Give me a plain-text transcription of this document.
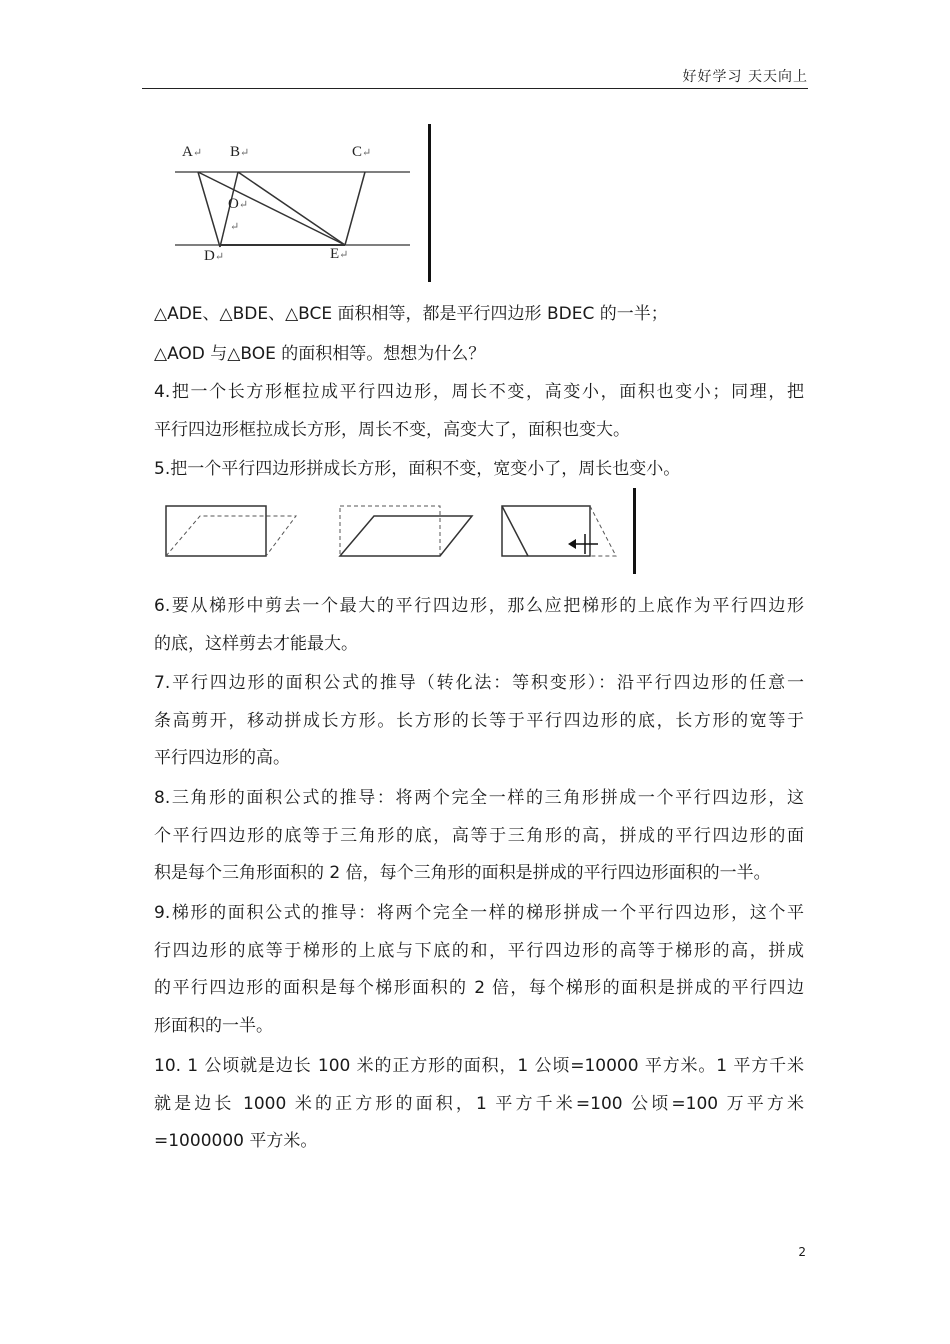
好好学习 天天向上
A↵ B↵	C↵
O↵
↵
D↵	E↵

△ADE、△BDE、△BCE 面积相等，都是平行四边形 BDEC 的一半；

△AOD 与△BOE 的面积相等。想想为什么？

4.把一个长方形框拉成平行四边形，周长不变，高变小，面积也变小；同理，把
平行四边形框拉成长方形，周长不变，高变大了，面积也变大。

5.把一个平行四边形拼成长方形，面积不变，宽变小了，周长也变小。

6.要从梯形中剪去一个最大的平行四边形，那么应把梯形的上底作为平行四边形
的底，这样剪去才能最大。

7.平行四边形的面积公式的推导（转化法：等积变形）：沿平行四边形的任意一
条高剪开，移动拼成长方形。长方形的长等于平行四边形的底，长方形的宽等于
平行四边形的高。

8.三角形的面积公式的推导：将两个完全一样的三角形拼成一个平行四边形，这
个平行四边形的底等于三角形的底，高等于三角形的高，拼成的平行四边形的面
积是每个三角形面积的 2 倍，每个三角形的面积是拼成的平行四边形面积的一半。

9.梯形的面积公式的推导：将两个完全一样的梯形拼成一个平行四边形，这个平
行四边形的底等于梯形的上底与下底的和，平行四边形的高等于梯形的高，拼成
的平行四边形的面积是每个梯形面积的 2 倍，每个梯形的面积是拼成的平行四边
形面积的一半。

10. 1 公顷就是边长 100 米的正方形的面积，1 公顷=10000 平方米。1 平方千米
就是边长 1000 米的正方形的面积，1 平方千米=100 公顷=100 万平方米
=1000000 平方米。

2
